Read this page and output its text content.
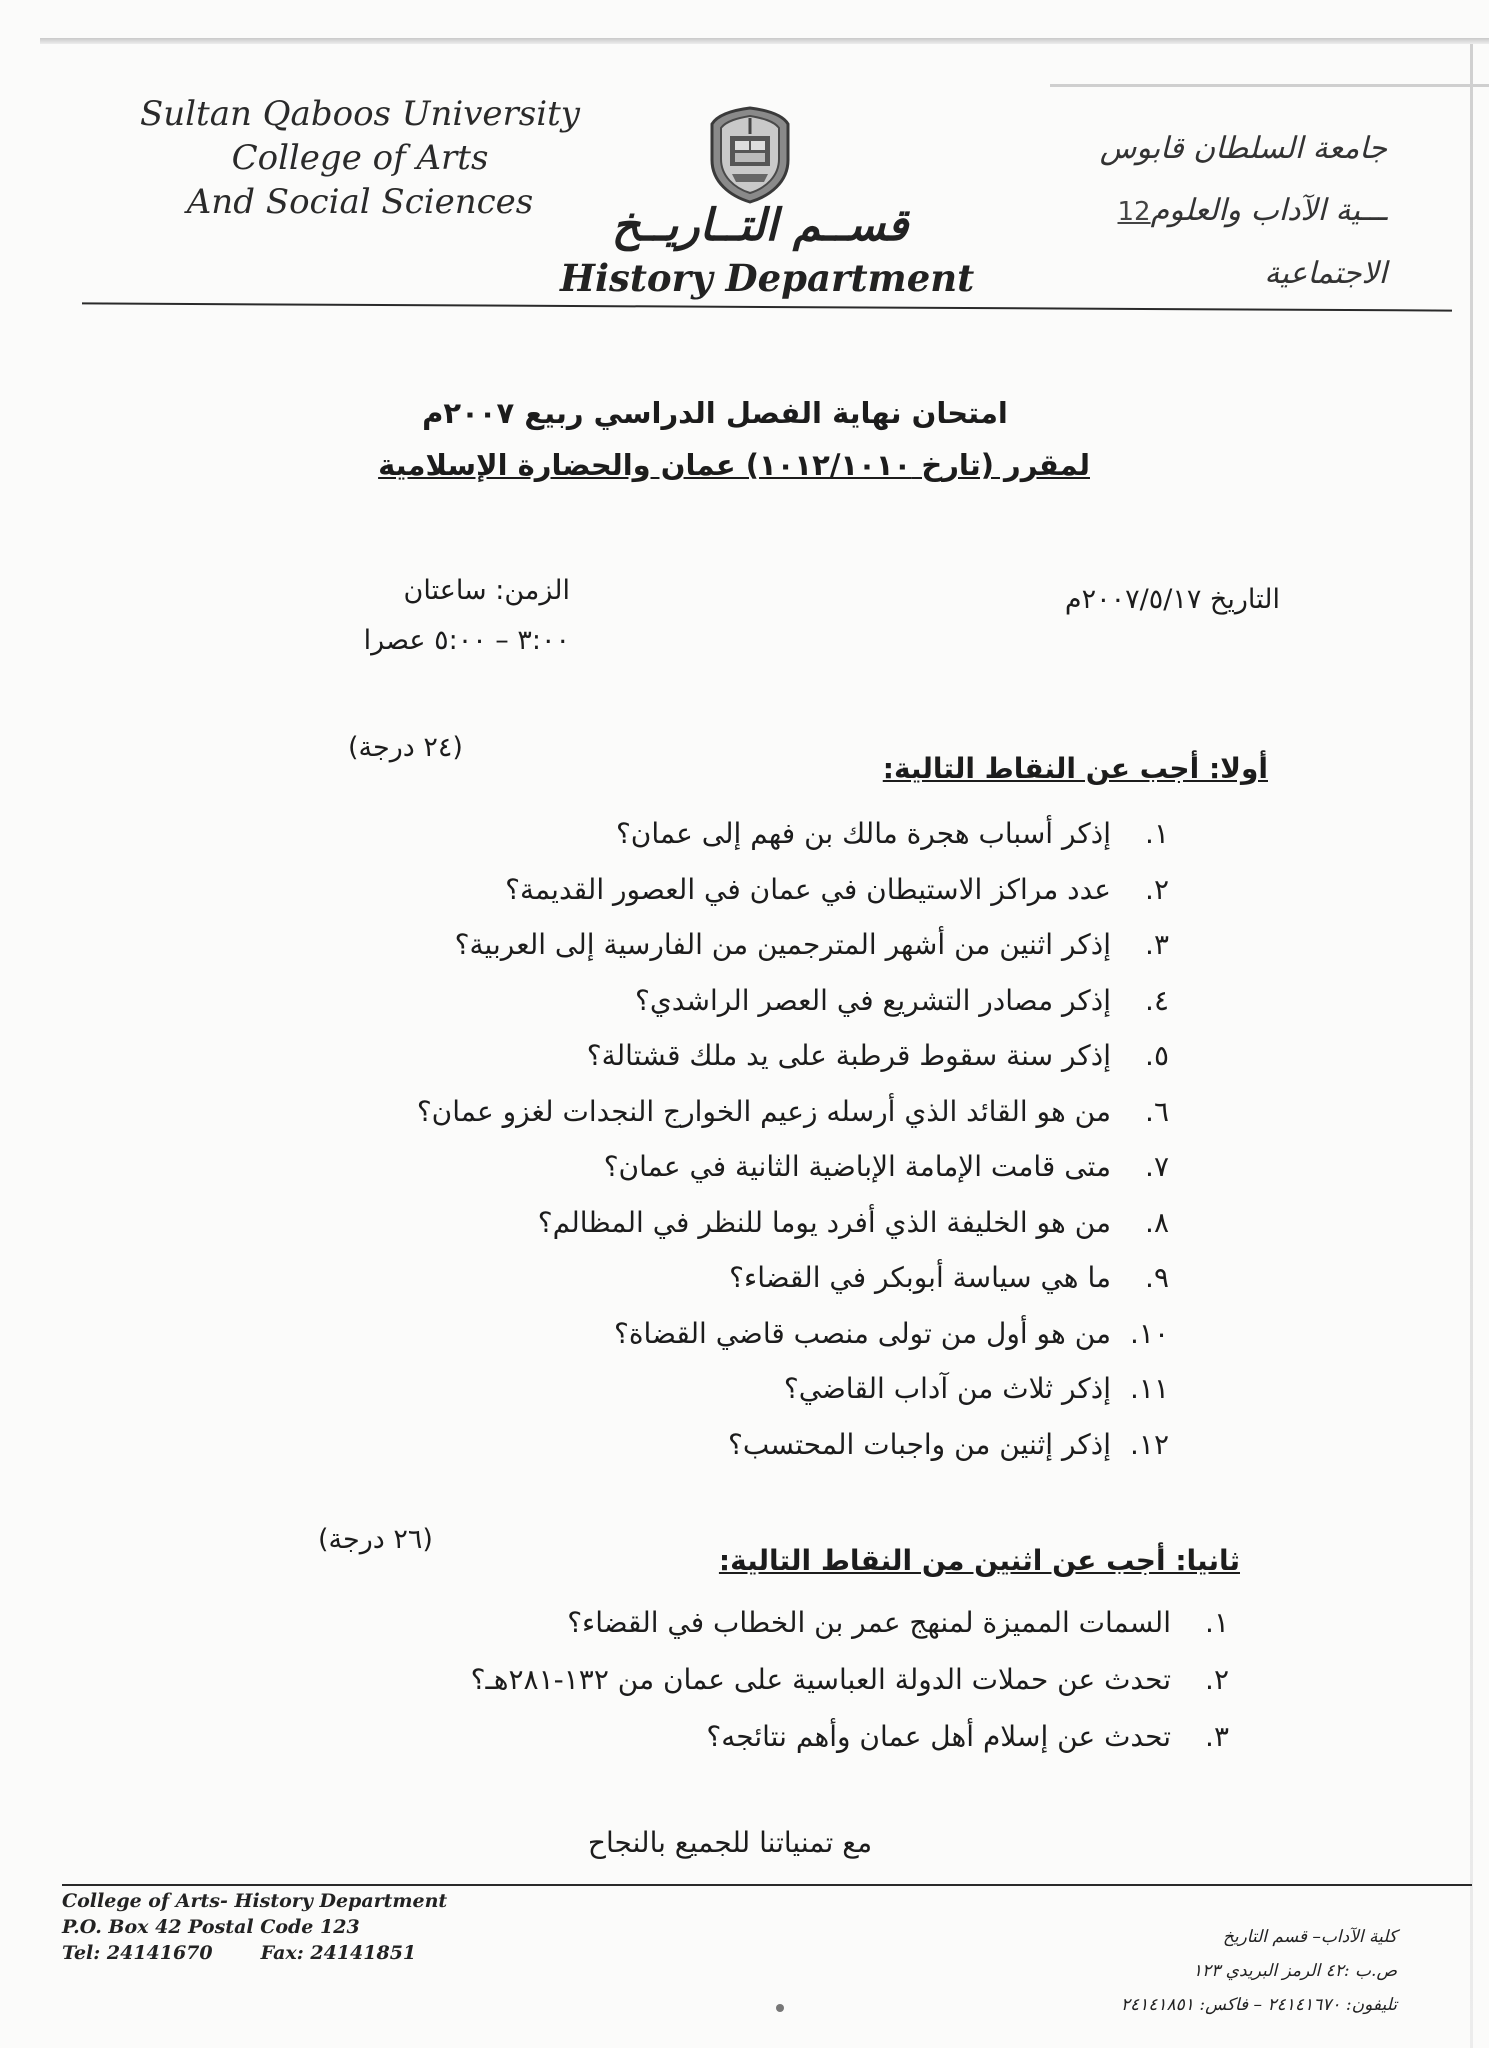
Sultan Qaboos University
College of Arts
And Social Sciences
جامعة السلطان قابوس
ـــية الآداب والعلوم12
الاجتماعية
قســم التــاريــخ
History Department
امتحان نهاية الفصل الدراسي ربيع ٢٠٠٧م
لمقرر (تارخ ١٠١٢/١٠١٠) عمان والحضارة الإسلامية
التاريخ ٢٠٠٧/٥/١٧م
الزمن: ساعتان
٣:٠٠ – ٥:٠٠ عصرا
أولا: أجب عن النقاط التالية:
(٢٤ درجة)
١.إذكر أسباب هجرة مالك بن فهم إلى عمان؟
٢.عدد مراكز الاستيطان في عمان في العصور القديمة؟
٣.إذكر اثنين من أشهر المترجمين من الفارسية إلى العربية؟
٤.إذكر مصادر التشريع في العصر الراشدي؟
٥.إذكر سنة سقوط قرطبة على يد ملك قشتالة؟
٦.من هو القائد الذي أرسله زعيم الخوارج النجدات لغزو عمان؟
٧.متى قامت الإمامة الإباضية الثانية في عمان؟
٨.من هو الخليفة الذي أفرد يوما للنظر في المظالم؟
٩.ما هي سياسة أبوبكر في القضاء؟
١٠.من هو أول من تولى منصب قاضي القضاة؟
١١.إذكر ثلاث من آداب القاضي؟
١٢.إذكر إثنين من واجبات المحتسب؟
ثانيا: أجب عن اثنين من النقاط التالية:
(٢٦ درجة)
١.السمات المميزة لمنهج عمر بن الخطاب في القضاء؟
٢.تحدث عن حملات الدولة العباسية على عمان من ١٣٢-٢٨١هـ؟
٣.تحدث عن إسلام أهل عمان وأهم نتائجه؟
مع تمنياتنا للجميع بالنجاح
College of Arts- History Department
P.O. Box 42 Postal Code 123
Tel: 24141670	Fax: 24141851
كلية الآداب– قسم التاريخ
ص.ب :٤٢ الرمز البريدي ١٢٣
تليفون: ٢٤١٤١٦٧٠ – فاكس: ٢٤١٤١٨٥١
